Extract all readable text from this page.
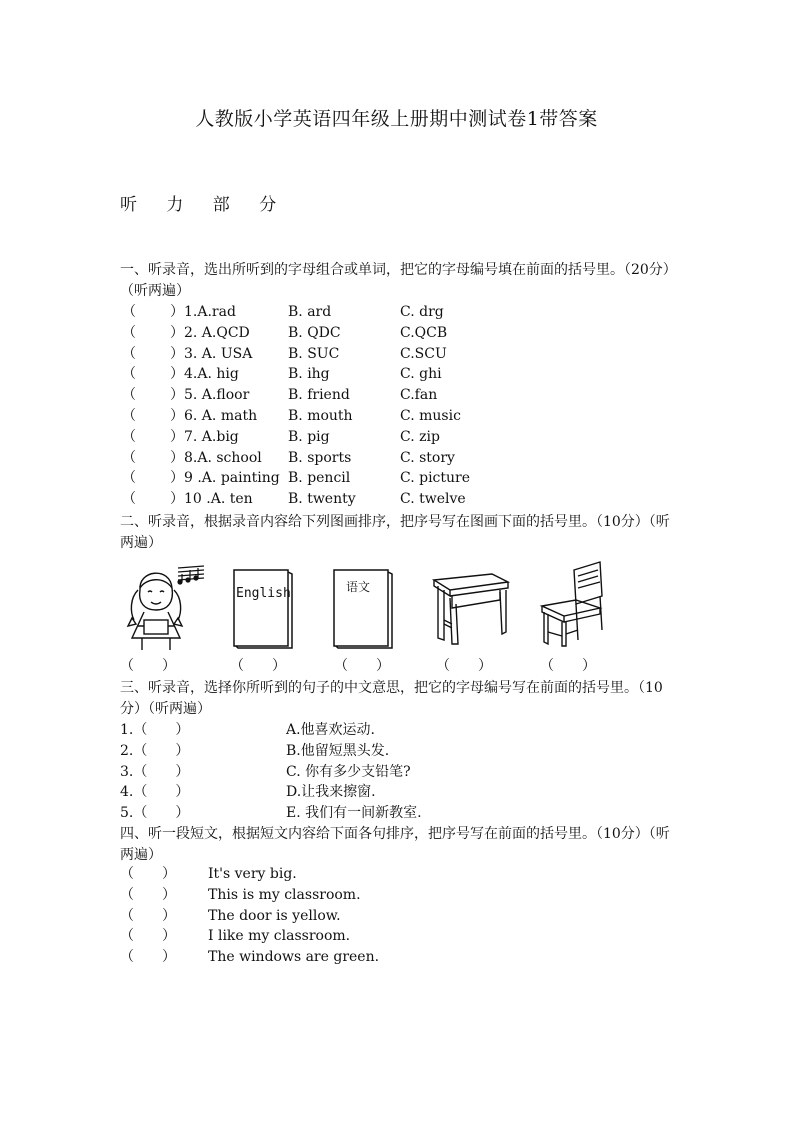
人教版小学英语四年级上册期中测试卷1带答案
听 力 部 分
一、听录音，选出所听到的字母组合或单词，把它的字母编号填在前面的括号里。（20分）（听两遍）
（ ） 1.A.rad	B. ard	C. drg
（ ） 2. A.QCD	B. QDC	C.QCB
（ ） 3. A. USA	B. SUC	C.SCU
（ ） 4.A. hig	B. ihg	C. ghi
（ ） 5. A.floor	B. friend	C.fan
（ ） 6. A. math B. mouth	C. music
（ ） 7. A.big	B. pig	C. zip
（ ） 8.A. school B. sports	C. story
（ ） 9 .A. painting B. pencil	C. picture
（ ） 10 .A. ten	B. twenty	C. twelve
二、听录音，根据录音内容给下列图画排序，把序号写在图画下面的括号里。（10分）（听两遍）
English	语文
（　　）	（　　）	（　　）	（　　）	（　　）
三、听录音，选择你所听到的句子的中文意思，把它的字母编号写在前面的括号里。（10分）（听两遍）
1.（　　）	A.他喜欢运动.
2.（　　）	B.他留短黑头发.
3.（　　）	C. 你有多少支铅笔?
4.（　　）	D.让我来擦窗.
5.（　　）	E. 我们有一间新教室.
四、听一段短文，根据短文内容给下面各句排序，把序号写在前面的括号里。（10分）（听两遍）
（　　） It's very big.
（　　） This is my classroom.
（　　） The door is yellow.
（　　） I like my classroom.
（　　） The windows are green.
